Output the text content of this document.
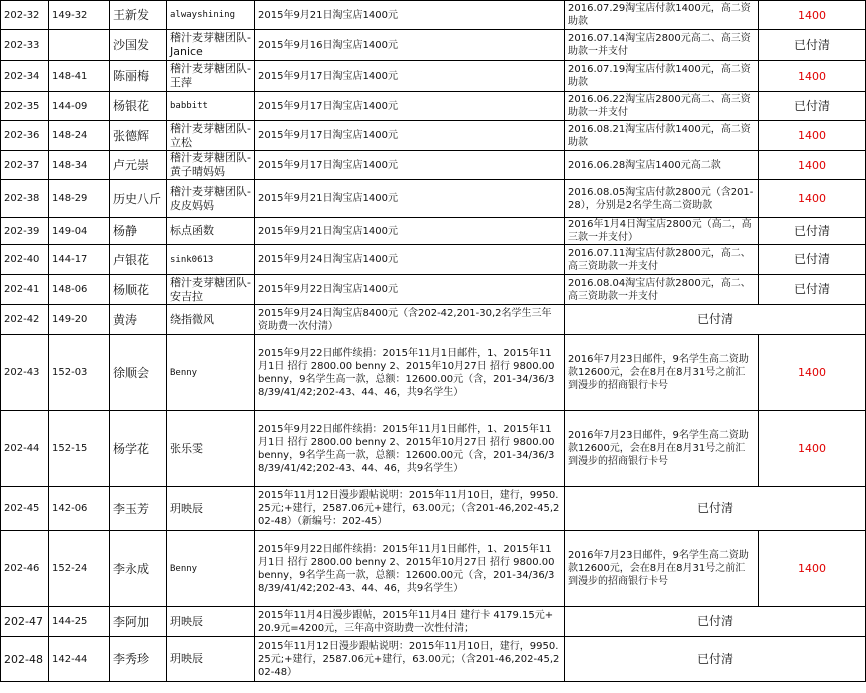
202-32	149-32	王新发	alwayshining	2015年9月21日淘宝店1400元	2016.07.29淘宝店付款1400元，高二资助款	1400
202-33		沙国发	稽汁麦芽糖团队-Janice	2015年9月16日淘宝店1400元	2016.07.14淘宝店2800元高二、高三资助款一并支付	已付清
202-34	148-41	陈丽梅	稽汁麦芽糖团队-王萍	2015年9月17日淘宝店1400元	2016.07.19淘宝店付款1400元，高二资助款	1400
202-35	144-09	杨银花	babbitt	2015年9月17日淘宝店1400元	2016.06.22淘宝店2800元高二、高三资助款一并支付	已付清
202-36	148-24	张德辉	稽汁麦芽糖团队-立松	2015年9月17日淘宝店1400元	2016.08.21淘宝店付款1400元，高二资助款	1400
202-37	148-34	卢元崇	稽汁麦芽糖团队-黄子晴妈妈	2015年9月17日淘宝店1400元	2016.06.28淘宝店1400元高二款	1400
202-38	148-29	历史八斤	稽汁麦芽糖团队-皮皮妈妈	2015年9月21日淘宝店1400元	2016.08.05淘宝店付款2800元（含201-28），分别是2名学生高二资助款	1400
202-39	149-04	杨静	标点函数	2015年9月21日淘宝店1400元	2016年1月4日淘宝店2800元（高二，高三款一并支付）	已付清
202-40	144-17	卢银花	sink0613	2015年9月24日淘宝店1400元	2016.07.11淘宝店付款2800元，高二、高三资助款一并支付	已付清
202-41	148-06	杨顺花	稽汁麦芽糖团队-安吉拉	2015年9月22日淘宝店1400元	2016.08.04淘宝店付款2800元，高二、高三资助款一并支付	已付清
202-42	149-20	黄涛	绕指微风	2015年9月24日淘宝店8400元（含202-42,201-30,2名学生三年资助费一次付清）	已付清	
202-43	152-03	徐顺会	Benny	2015年9月22日邮件续捐：2015年11月1日邮件，1、2015年11月1日 招行 2800.00 benny 2、2015年10月27日 招行 9800.00 benny，9名学生高一款，总额：12600.00元（含，201-34/36/38/39/41/42;202-43、44、46，共9名学生）	2016年7月23日邮件，9名学生高二资助款12600元，会在8月在8月31号之前汇到漫步的招商银行卡号	1400
202-44	152-15	杨学花	张乐雯	2015年9月22日邮件续捐：2015年11月1日邮件，1、2015年11月1日 招行 2800.00 benny 2、2015年10月27日 招行 9800.00 benny，9名学生高一款，总额：12600.00元（含，201-34/36/38/39/41/42;202-43、44、46，共9名学生）	2016年7月23日邮件，9名学生高二资助款12600元，会在8月在8月31号之前汇到漫步的招商银行卡号	1400
202-45	142-06	李玉芳	玥映辰	2015年11月12日漫步跟帖说明：2015年11月10日，建行，9950.25元;+建行，2587.06元+建行，63.00元；（含201-46,202-45,202-48）（新编号：202-45）	已付清	
202-46	152-24	李永成	Benny	2015年9月22日邮件续捐：2015年11月1日邮件，1、2015年11月1日 招行 2800.00 benny 2、2015年10月27日 招行 9800.00 benny，9名学生高一款，总额：12600.00元（含，201-34/36/38/39/41/42;202-43、44、46，共9名学生）	2016年7月23日邮件，9名学生高二资助款12600元，会在8月在8月31号之前汇到漫步的招商银行卡号	1400
202-47	144-25	李阿加	玥映辰	2015年11月4日漫步跟帖，2015年11月4日 建行卡 4179.15元+ 20.9元=4200元，三年高中资助费一次性付清；	已付清	
202-48	142-44	李秀珍	玥映辰	2015年11月12日漫步跟帖说明：2015年11月10日，建行，9950.25元;+建行，2587.06元+建行，63.00元；（含201-46,202-45,202-48）	已付清	
